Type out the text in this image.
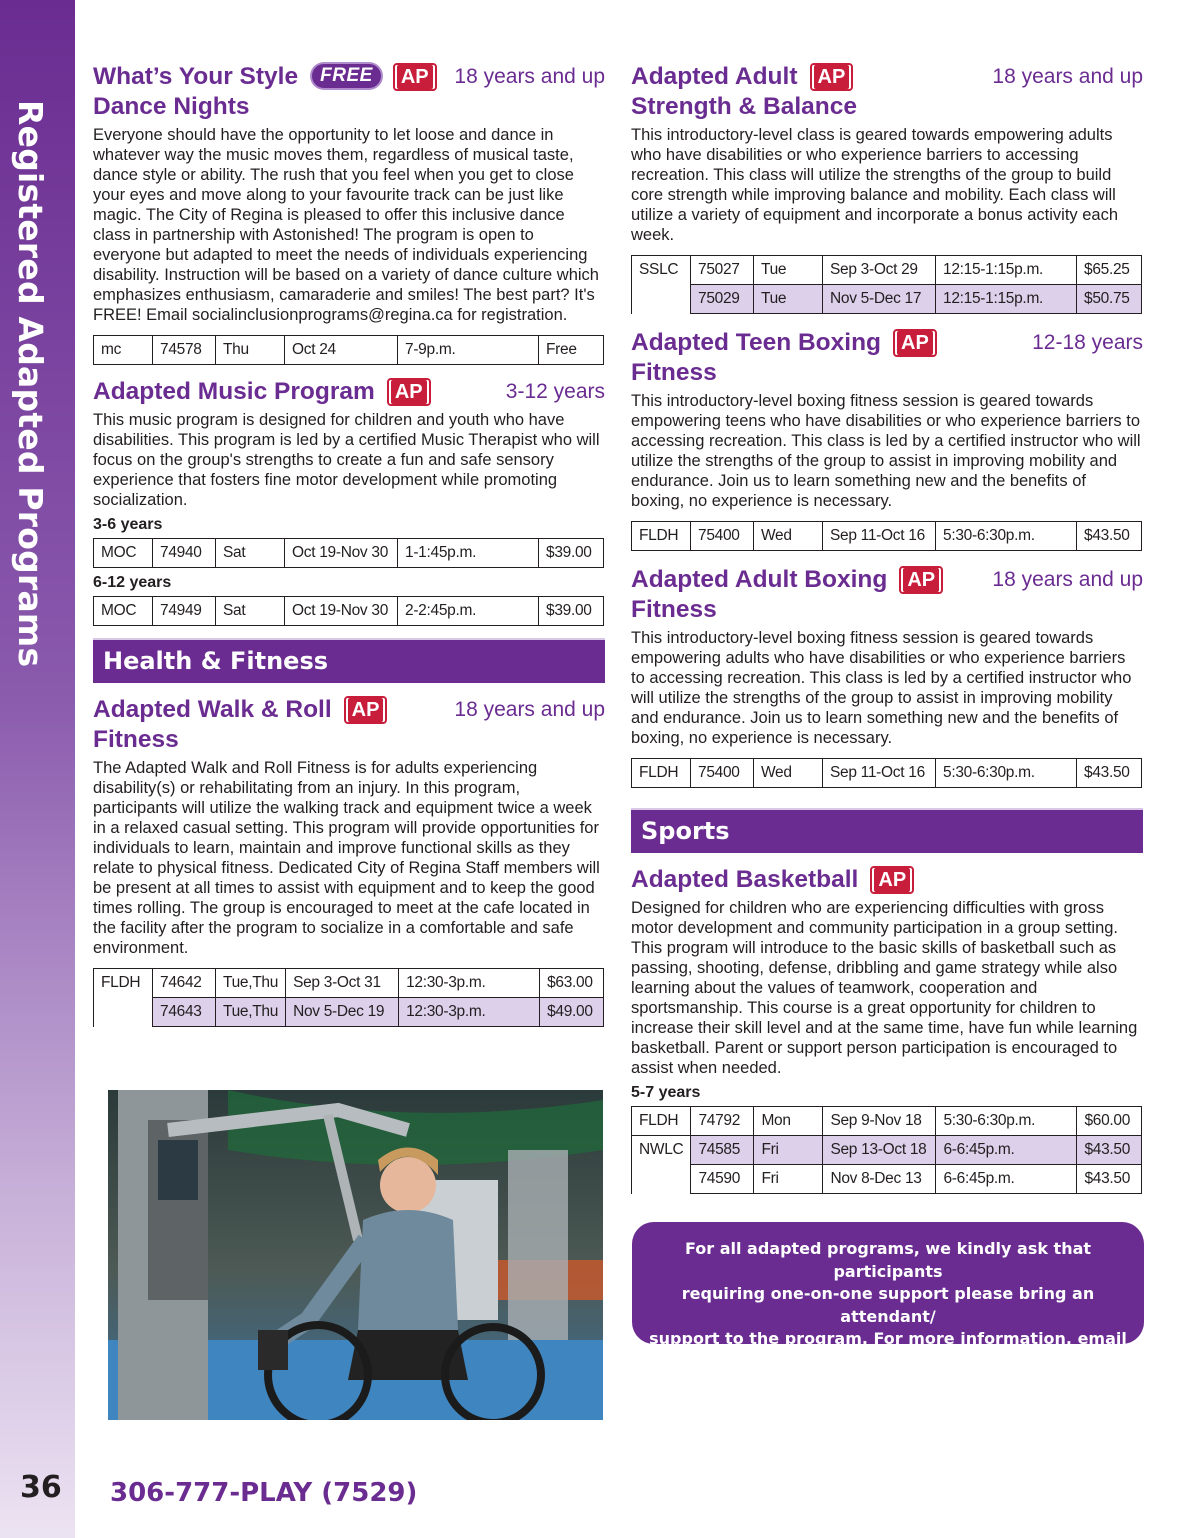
Registered Adapted Programs
What’s Your Style	FREE	AP
Dance Nights
18 years and up

Everyone should have the opportunity to let loose and dance in whatever way the music moves them, regardless of musical taste, dance style or ability. The rush that you feel when you get to close your eyes and move along to your favourite track can be just like magic. The City of Regina is pleased to offer this inclusive dance class in partnership with Astonished! The program is open to everyone but adapted to meet the needs of individuals experiencing disability. Instruction will be based on a variety of dance culture which emphasizes enthusiasm, camaraderie and smiles! The best part? It's FREE! Email socialinclusionprograms@regina.ca for registration.

mc	74578	Thu	Oct 24	7-9p.m.	Free
Adapted Music Program	AP	3-12 years

This music program is designed for children and youth who have disabilities. This program is led by a certified Music Therapist who will focus on the group's strengths to create a fun and safe sensory experience that fosters fine motor development while promoting socialization.

3-6 years
MOC	74940	Sat	Oct 19-Nov 30	1-1:45p.m.	$39.00
6-12 years
MOC	74949	Sat	Oct 19-Nov 30	2-2:45p.m.	$39.00
Health & Fitness
Adapted Walk & Roll	AP
Fitness
18 years and up

The Adapted Walk and Roll Fitness is for adults experiencing disability(s) or rehabilitating from an injury. In this program, participants will utilize the walking track and equipment twice a week in a relaxed casual setting. This program will provide opportunities for individuals to learn, maintain and improve functional skills as they relate to physical fitness. Dedicated City of Regina Staff members will be present at all times to assist with equipment and to keep the good times rolling. The group is encouraged to meet at the cafe located in the facility after the program to socialize in a comfortable and safe environment.

FLDH	74642	Tue,Thu	Sep 3-Oct 31	12:30-3p.m.	$63.00
	74643	Tue,Thu	Nov 5-Dec 19	12:30-3p.m.	$49.00
Adapted Adult	AP
Strength & Balance
18 years and up

This introductory-level class is geared towards empowering adults who have disabilities or who experience barriers to accessing recreation. This class will utilize the strengths of the group to build core strength while improving balance and mobility. Each class will utilize a variety of equipment and incorporate a bonus activity each week.

SSLC	75027	Tue	Sep 3-Oct 29	12:15-1:15p.m.	$65.25
	75029	Tue	Nov 5-Dec 17	12:15-1:15p.m.	$50.75
Adapted Teen Boxing	AP
Fitness
12-18 years

This introductory-level boxing fitness session is geared towards empowering teens who have disabilities or who experience barriers to accessing recreation. This class is led by a certified instructor who will utilize the strengths of the group to assist in improving mobility and endurance. Join us to learn something new and the benefits of boxing, no experience is necessary.

FLDH	75400	Wed	Sep 11-Oct 16	5:30-6:30p.m.	$43.50
Adapted Adult Boxing	AP
Fitness
18 years and up

This introductory-level boxing fitness session is geared towards empowering adults who have disabilities or who experience barriers to accessing recreation. This class is led by a certified instructor who will utilize the strengths of the group to assist in improving mobility and endurance. Join us to learn something new and the benefits of boxing, no experience is necessary.

FLDH	75400	Wed	Sep 11-Oct 16	5:30-6:30p.m.	$43.50
Sports
Adapted Basketball	AP

Designed for children who are experiencing difficulties with gross motor development and community participation in a group setting. This program will introduce to the basic skills of basketball such as passing, shooting, defense, dribbling and game strategy while also learning about the values of teamwork, cooperation and sportsmanship. This course is a great opportunity for children to increase their skill level and at the same time, have fun while learning basketball. Parent or support person participation is encouraged to assist when needed.

5-7 years
FLDH	74792	Mon	Sep 9-Nov 18	5:30-6:30p.m.	$60.00
NWLC	74585	Fri	Sep 13-Oct 18	6-6:45p.m.	$43.50
	74590	Fri	Nov 8-Dec 13	6-6:45p.m.	$43.50
For all adapted programs, we kindly ask that participants
requiring one-on-one support please bring an attendant/
support to the program. For more information, email
socialinclusionprograms@regina.ca or call 306-510-2025.
36 306-777-PLAY (7529)
